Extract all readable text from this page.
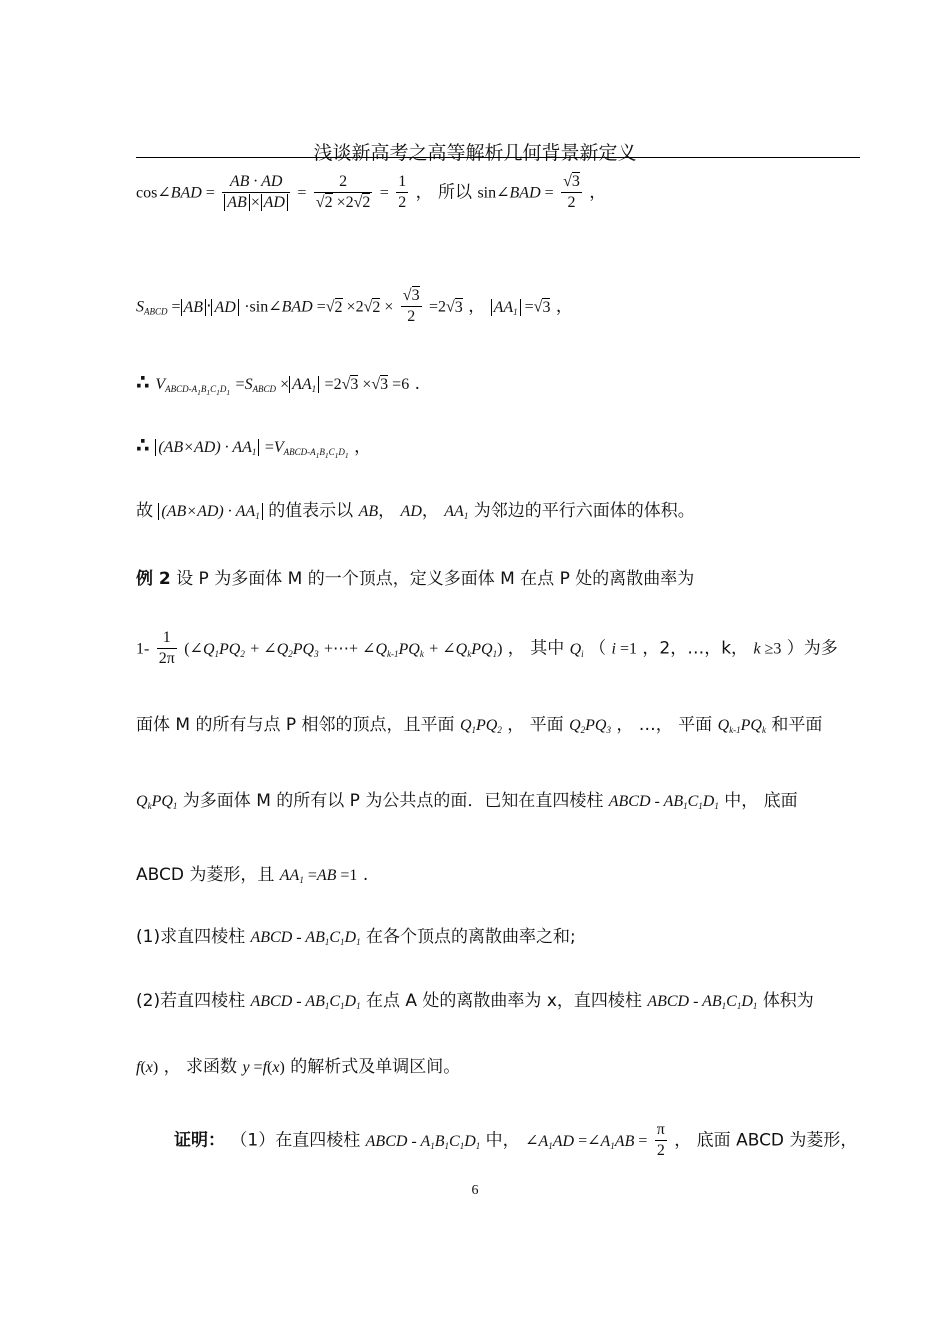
浅谈新高考之高等解析几何背景新定义
cos∠BAD = $\frac{AB \cdot AD}{AB \times AD} = \frac{2}{√2 \times 2√2} = \frac{1}{2}$ ， 所以 sin∠BAD = $\frac{√3}{2}$ ，
$S_{ABCD}$ = AB · AD ·sin∠BAD $=√2 \times 2√2 \times \frac{√3}{2} =2√3$ ， $AA_1 =√3$ ，
∴ $V_{ABCD-A_1B_1C_1D_1} =S_{ABCD} \times AA_1 =2√3 \times√3 =6$ .
∴ $(AB\times AD) \cdot AA_1 =V_{ABCD-A_1B_1C_1D_1}$ ，
故 $(AB\times AD) \cdot AA_1$ 的值表示以 AB， AD， $AA_1$ 为邻边的平行六面体的体积。
例 2 设 P 为多面体 M 的一个顶点，定义多面体 M 在点 P 处的离散曲率为
$1- \frac{1}{2\pi}$ ($\angle Q_1PQ_2$ + $\angle Q_2PQ_3$ +⋯+ $\angle Q_{k-1}PQ_k$ + $\angle Q_kPQ_1$) ， 其中 $Q_i$ （ i =1 ，2，…，k， k ≥3 ）为多
面体 M 的所有与点 P 相邻的顶点，且平面 $Q_1PQ_2$ ， 平面 $Q_2PQ_3$ ， …， 平面 $Q_{k-1}PQ_k$ 和平面
$Q_kPQ_1$ 为多面体 M 的所有以 P 为公共点的面．已知在直四棱柱 ABCD - $AB_1C_1D_1$ 中， 底面
ABCD 为菱形，且 $AA_1 =AB =1$ .
(1)求直四棱柱 ABCD - $AB_1C_1D_1$ 在各个顶点的离散曲率之和;
(2)若直四棱柱 ABCD - $AB_1C_1D_1$ 在点 A 处的离散曲率为 x，直四棱柱 ABCD - $AB_1C_1D_1$ 体积为
f(x) ， 求函数 y =f(x) 的解析式及单调区间。
证明： （1）在直四棱柱 ABCD - $A_1B_1C_1D_1$ 中， $\angle A_1AD$ $=\angle A_1AB = \frac{\pi}{2}$ ， 底面 ABCD 为菱形，
6
